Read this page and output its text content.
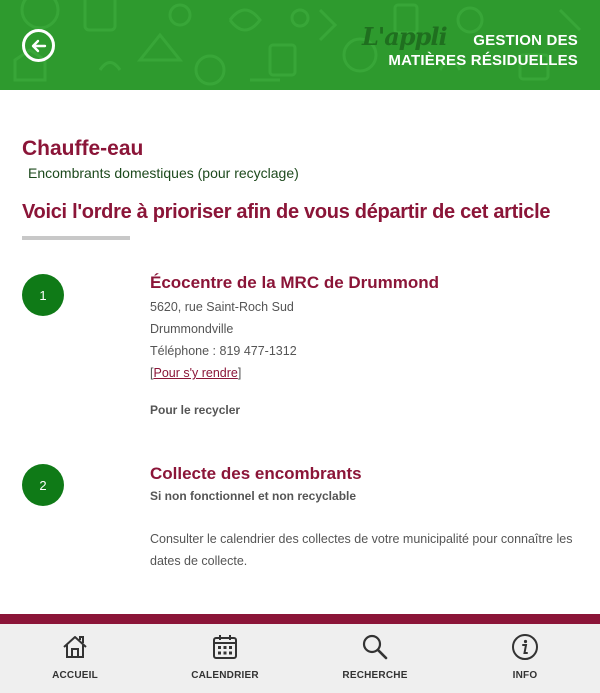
L'appli	GESTION DES
MATIÈRES RÉSIDUELLES
Chauffe-eau
Encombrants domestiques (pour recyclage)
Voici l'ordre à prioriser afin de vous départir de cet article
1
Écocentre de la MRC de Drummond
5620, rue Saint-Roch Sud
Drummondville
Téléphone : 819 477-1312
[Pour s'y rendre]
Pour le recycler
2
Collecte des encombrants
Si non fonctionnel et non recyclable
Consulter le calendrier des collectes de votre municipalité pour connaître les dates de collecte.
ACCUEIL	CALENDRIER	RECHERCHE	INFO
